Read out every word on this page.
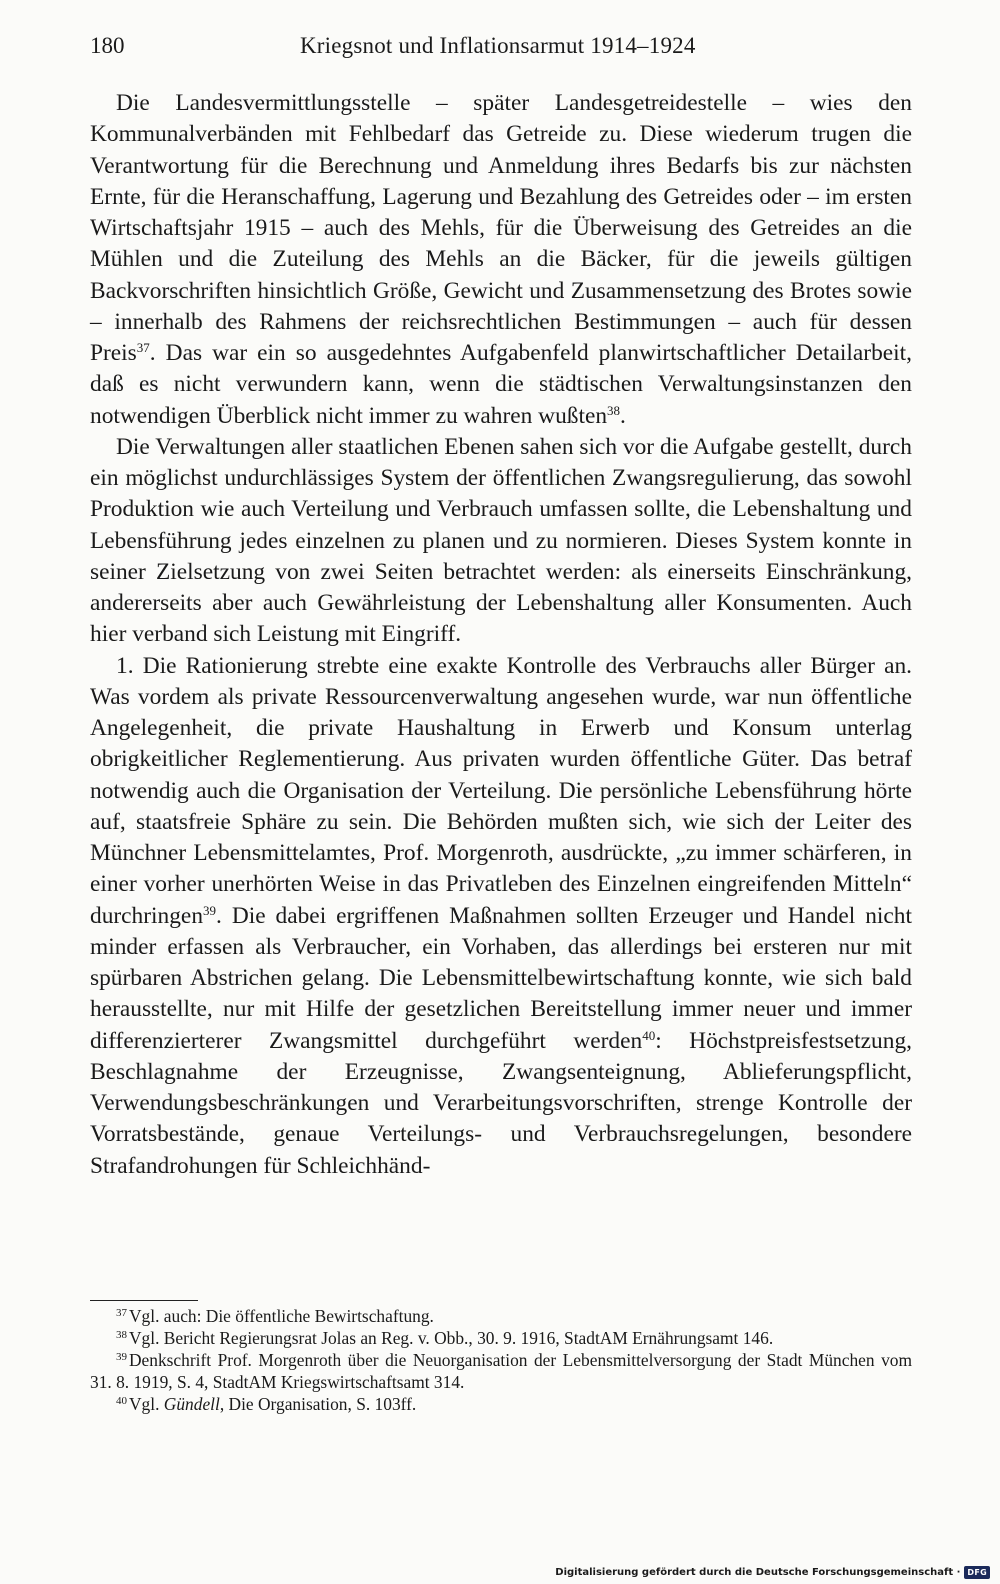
180	Kriegsnot und Inflationsarmut 1914–1924

Die Landesvermittlungsstelle – später Landesgetreidestelle – wies den Kommunalverbänden mit Fehlbedarf das Getreide zu. Diese wiederum trugen die Verantwortung für die Berechnung und Anmeldung ihres Bedarfs bis zur nächsten Ernte, für die Heranschaffung, Lagerung und Bezahlung des Getreides oder – im ersten Wirtschaftsjahr 1915 – auch des Mehls, für die Überweisung des Getreides an die Mühlen und die Zuteilung des Mehls an die Bäcker, für die jeweils gültigen Backvorschriften hinsichtlich Größe, Gewicht und Zusammensetzung des Brotes sowie – innerhalb des Rahmens der reichsrechtlichen Bestimmungen – auch für dessen Preis$^{37}$. Das war ein so ausgedehntes Aufgabenfeld planwirtschaftlicher Detailarbeit, daß es nicht verwundern kann, wenn die städtischen Verwaltungsinstanzen den notwendigen Überblick nicht immer zu wahren wußten$^{38}$.

Die Verwaltungen aller staatlichen Ebenen sahen sich vor die Aufgabe gestellt, durch ein möglichst undurchlässiges System der öffentlichen Zwangsregulierung, das sowohl Produktion wie auch Verteilung und Verbrauch umfassen sollte, die Lebenshaltung und Lebensführung jedes einzelnen zu planen und zu normieren. Dieses System konnte in seiner Zielsetzung von zwei Seiten betrachtet werden: als einerseits Einschränkung, andererseits aber auch Gewährleistung der Lebenshaltung aller Konsumenten. Auch hier verband sich Leistung mit Eingriff.

1. Die Rationierung strebte eine exakte Kontrolle des Verbrauchs aller Bürger an. Was vordem als private Ressourcenverwaltung angesehen wurde, war nun öffentliche Angelegenheit, die private Haushaltung in Erwerb und Konsum unterlag obrigkeitlicher Reglementierung. Aus privaten wurden öffentliche Güter. Das betraf notwendig auch die Organisation der Verteilung. Die persönliche Lebensführung hörte auf, staatsfreie Sphäre zu sein. Die Behörden mußten sich, wie sich der Leiter des Münchner Lebensmittelamtes, Prof. Morgenroth, ausdrückte, „zu immer schärferen, in einer vorher unerhörten Weise in das Privatleben des Einzelnen eingreifenden Mitteln“ durchringen$^{39}$. Die dabei ergriffenen Maßnahmen sollten Erzeuger und Handel nicht minder erfassen als Verbraucher, ein Vorhaben, das allerdings bei ersteren nur mit spürbaren Abstrichen gelang. Die Lebensmittelbewirtschaftung konnte, wie sich bald herausstellte, nur mit Hilfe der gesetzlichen Bereitstellung immer neuer und immer differenzierterer Zwangsmittel durchgeführt werden$^{40}$: Höchstpreisfestsetzung, Beschlagnahme der Erzeugnisse, Zwangsenteignung, Ablieferungspflicht, Verwendungsbeschränkungen und Verarbeitungsvorschriften, strenge Kontrolle der Vorratsbestände, genaue Verteilungs- und Verbrauchsregelungen, besondere Strafandrohungen für Schleichhänd-

$^{37}$ Vgl. auch: Die öffentliche Bewirtschaftung.

$^{38}$ Vgl. Bericht Regierungsrat Jolas an Reg. v. Obb., 30. 9. 1916, StadtAM Ernährungsamt 146.

$^{39}$ Denkschrift Prof. Morgenroth über die Neuorganisation der Lebensmittelversorgung der Stadt München vom 31. 8. 1919, S. 4, StadtAM Kriegswirtschaftsamt 314.

$^{40}$ Vgl. Gündell, Die Organisation, S. 103ff.

Digitalisierung gefördert durch die Deutsche Forschungsgemeinschaft · DFG
